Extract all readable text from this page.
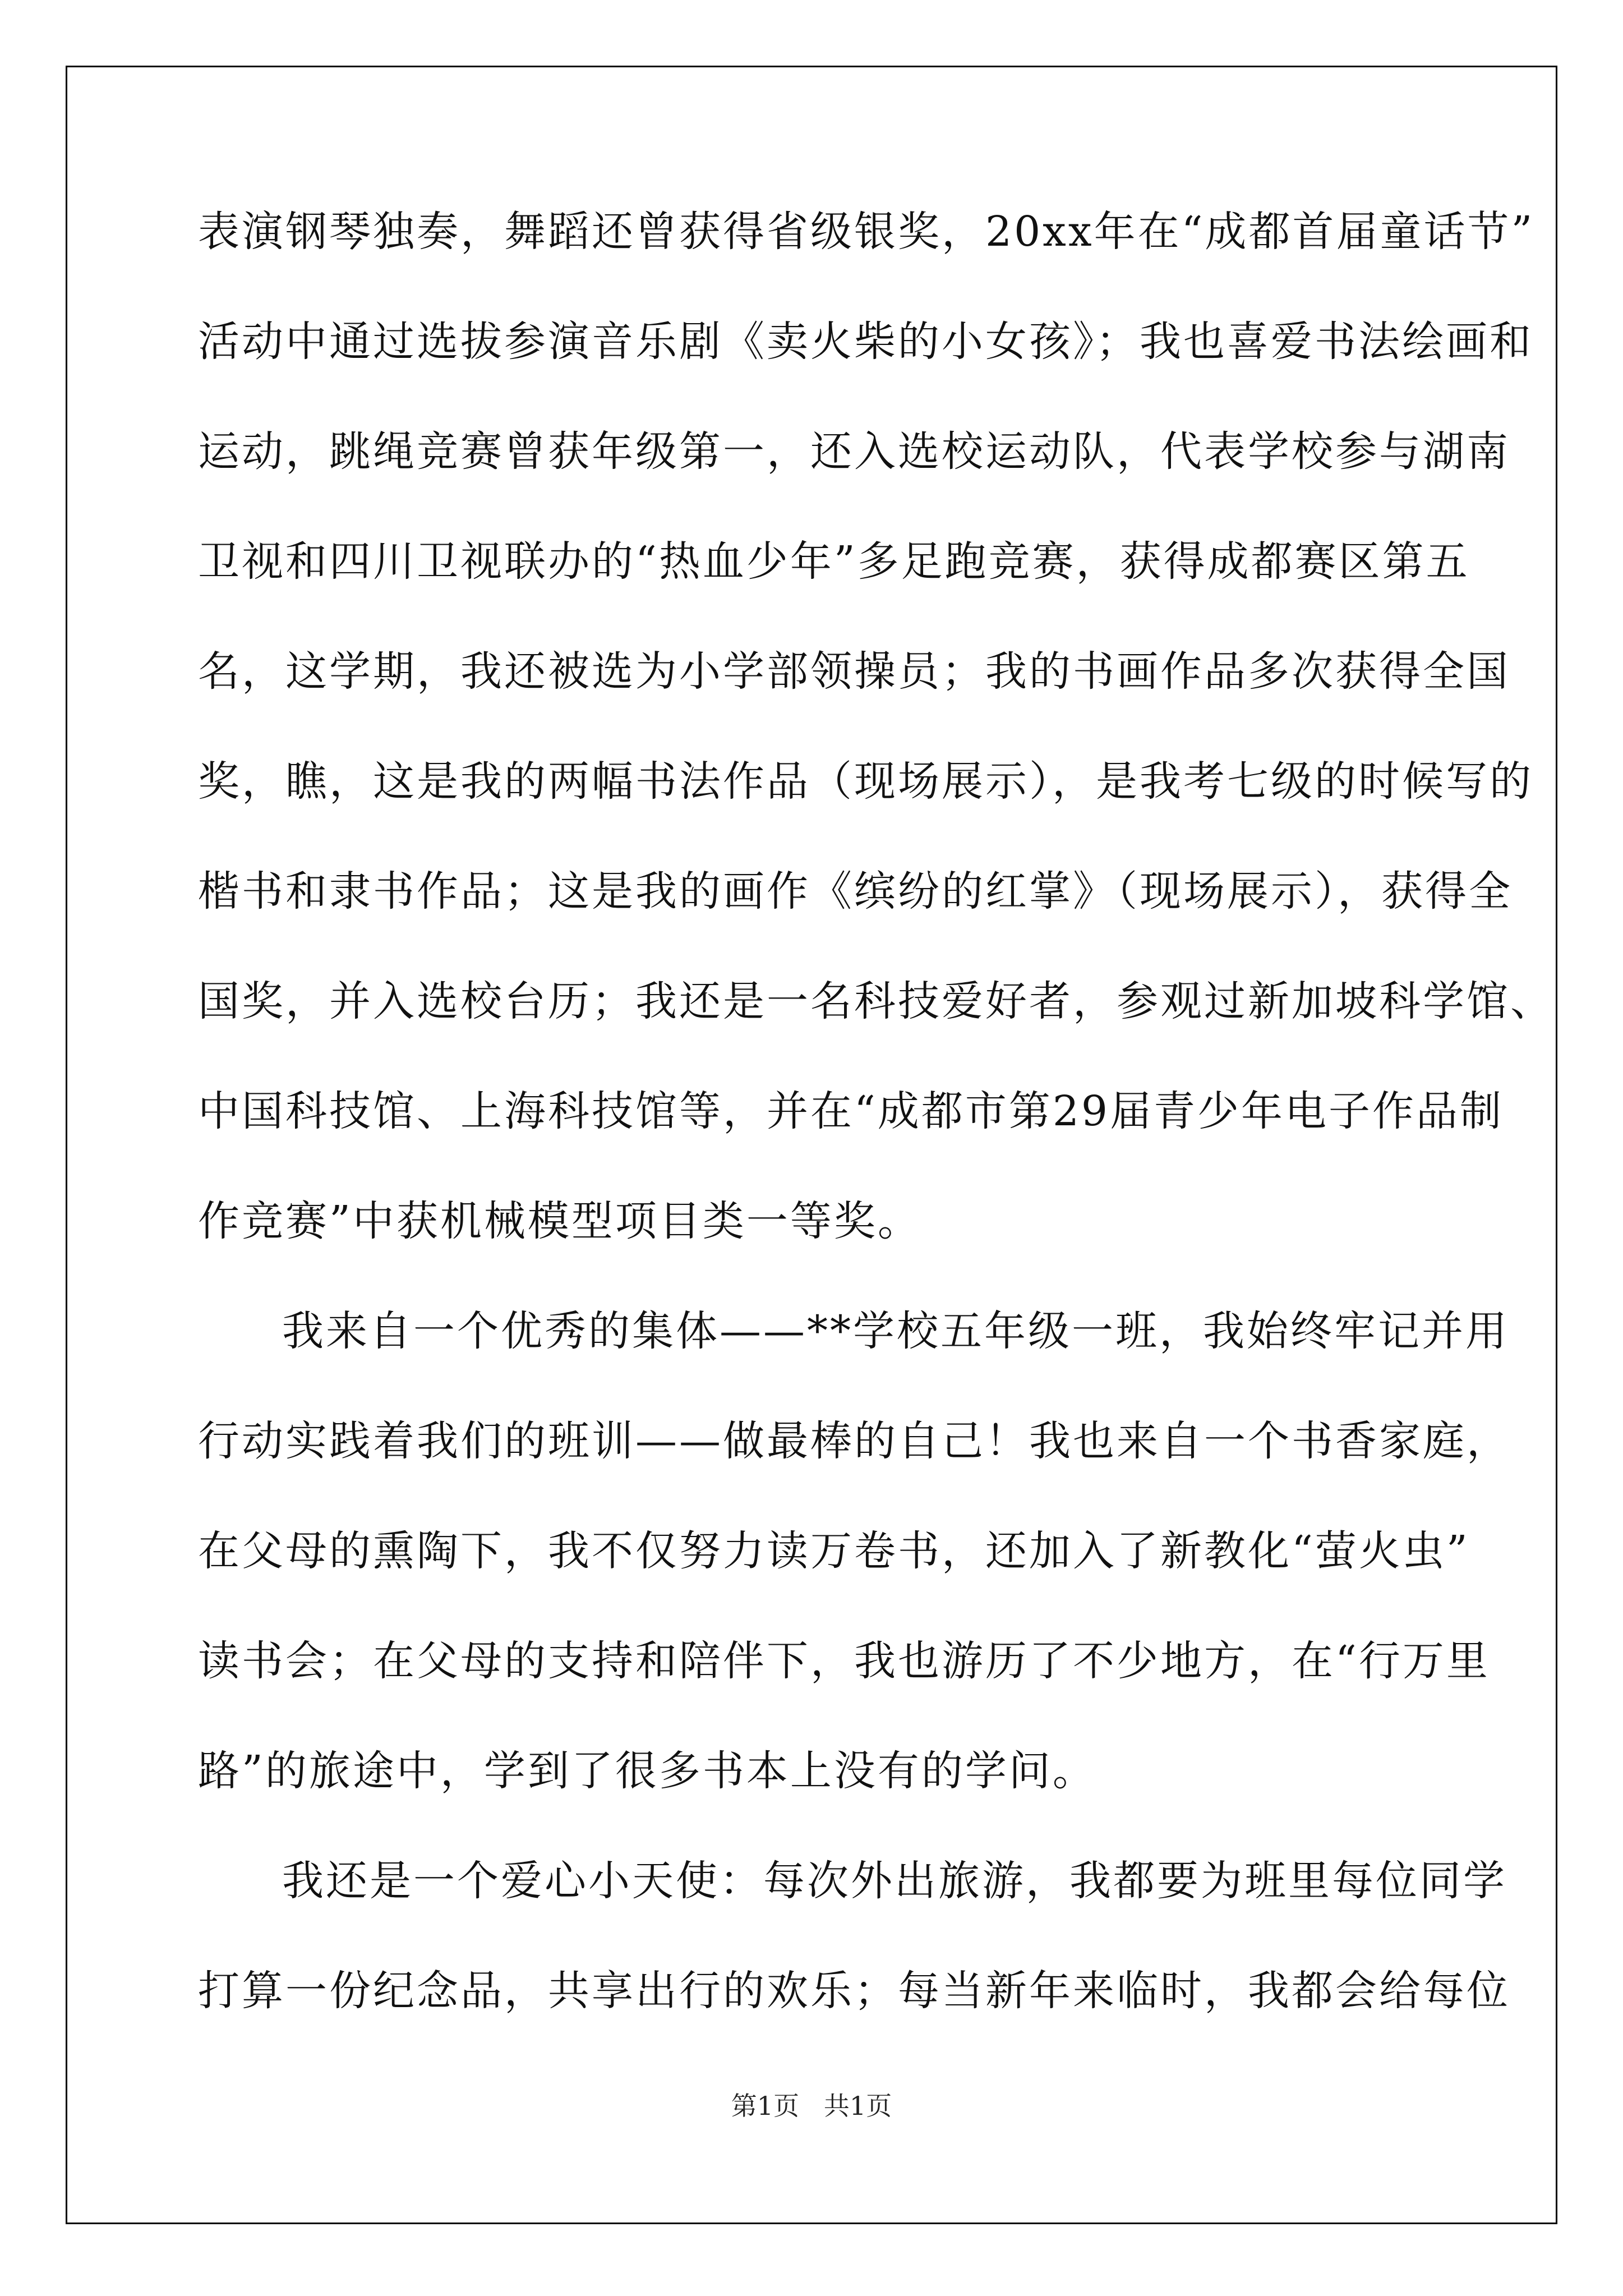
表演钢琴独奏，舞蹈还曾获得省级银奖，20xx年在“成都首届童话节”
活动中通过选拔参演音乐剧《卖火柴的小女孩》；我也喜爱书法绘画和
运动，跳绳竞赛曾获年级第一，还入选校运动队，代表学校参与湖南
卫视和四川卫视联办的“热血少年”多足跑竞赛，获得成都赛区第五
名，这学期，我还被选为小学部领操员；我的书画作品多次获得全国
奖，瞧，这是我的两幅书法作品（现场展示），是我考七级的时候写的
楷书和隶书作品；这是我的画作《缤纷的红掌》（现场展示），获得全
国奖，并入选校台历；我还是一名科技爱好者，参观过新加坡科学馆、
中国科技馆、上海科技馆等，并在“成都市第29届青少年电子作品制
作竞赛”中获机械模型项目类一等奖。
我来自一个优秀的集体——**学校五年级一班，我始终牢记并用
行动实践着我们的班训——做最棒的自己！我也来自一个书香家庭，
在父母的熏陶下，我不仅努力读万卷书，还加入了新教化“萤火虫”
读书会；在父母的支持和陪伴下，我也游历了不少地方，在“行万里
路”的旅途中，学到了很多书本上没有的学问。
我还是一个爱心小天使：每次外出旅游，我都要为班里每位同学
打算一份纪念品，共享出行的欢乐；每当新年来临时，我都会给每位
第1页   共1页
